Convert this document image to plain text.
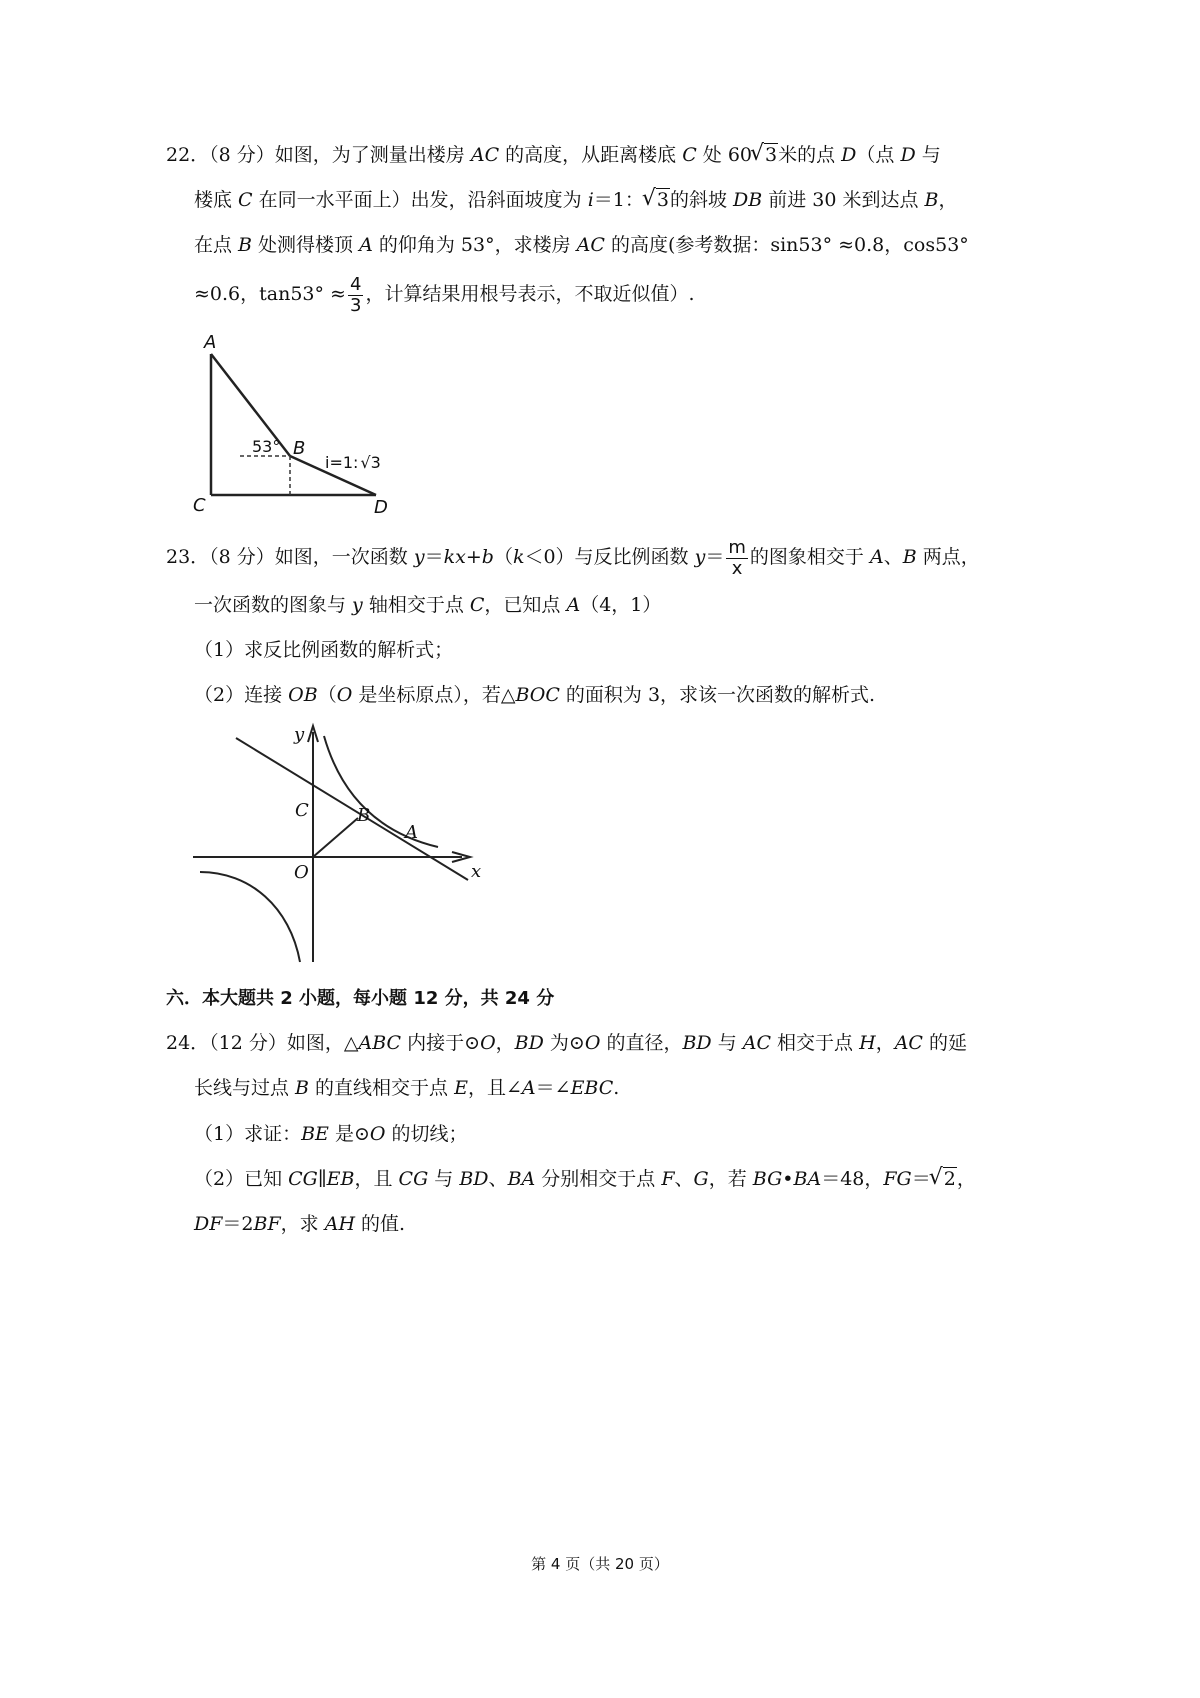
22．（8 分）如图，为了测量出楼房 AC 的高度，从距离楼底 C 处 60 √ 3米的点 D（点 D 与
楼底 C 在同一水平面上）出发，沿斜面坡度为 i＝1： √ 3的斜坡 DB 前进 30 米到达点 B，
在点 B 处测得楼顶 A 的仰角为 53°，求楼房 AC 的高度(参考数据：sin53° ≈0.8，cos53°
≈0.6，$\tan 53^\circ \approx \frac{4}{3}$ ，计算结果用根号表示，不取近似值）.
A
B
C	D
53°
i=1: √3
23．（8 分）如图，一次函数 y＝kx+b（k＜0）与反比例函数 $y= \frac{m}{x}$ 的图象相交于 A、B 两点，
一次函数的图象与 y 轴相交于点 C，已知点 A（4，1）
（1）求反比例函数的解析式；
（2）连接 OB（O 是坐标原点），若△BOC 的面积为 3，求该一次函数的解析式.
y
x
O
C	B
A
六．本大题共 2 小题，每小题 12 分，共 24 分
24．（12 分）如图，△ABC 内接于⊙O，BD 为⊙O 的直径，BD 与 AC 相交于点 H，AC 的延
长线与过点 B 的直线相交于点 E，且∠A＝∠EBC.
（1）求证：BE 是⊙O 的切线；
（2）已知 CG∥EB，且 CG 与 BD、BA 分别相交于点 F、G，若 BG•BA＝48，FG＝ √ 2，
DF＝2BF，求 AH 的值.
第 4 页（共 20 页）
